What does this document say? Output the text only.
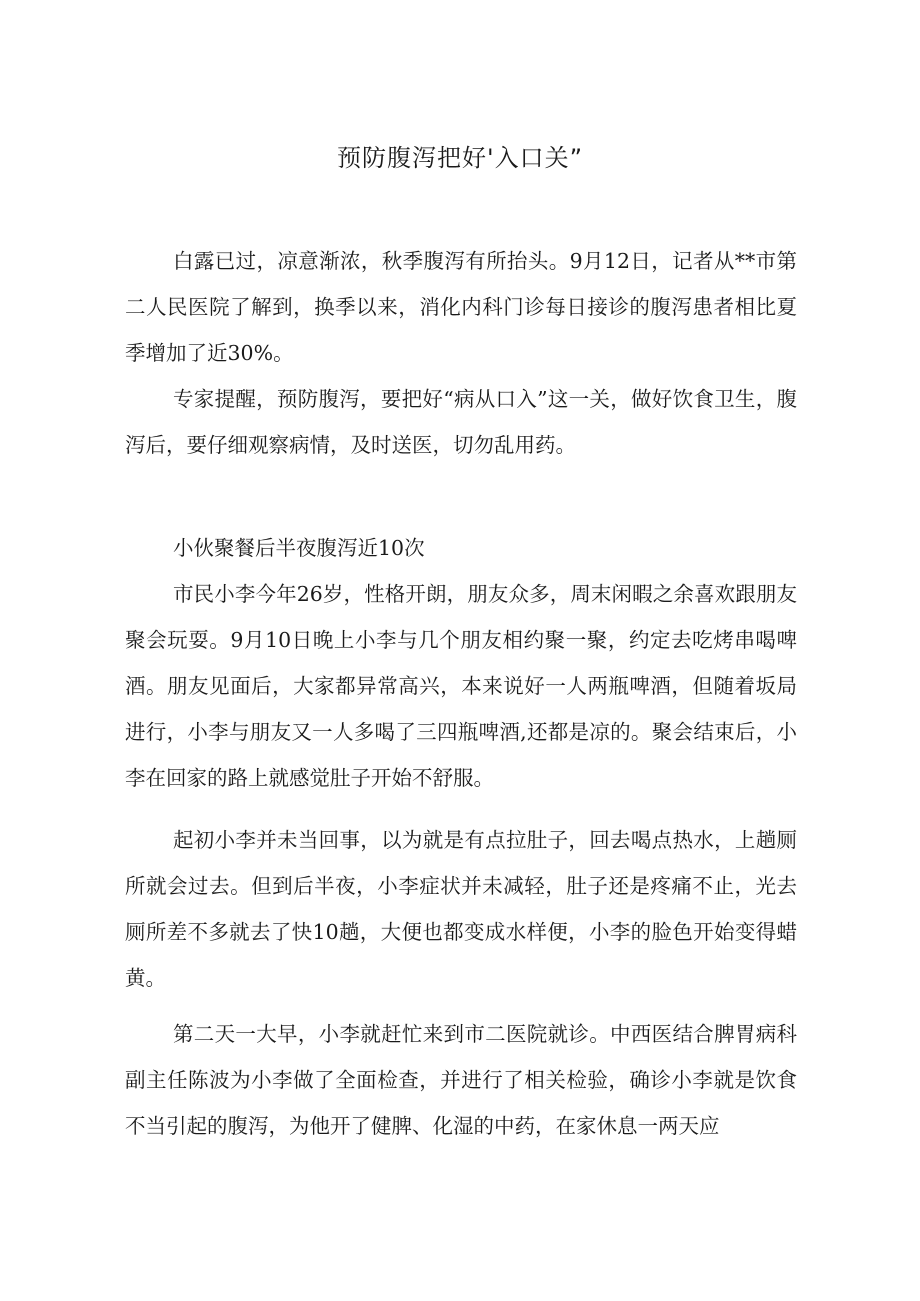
预防腹泻把好'入口关”

白露已过，凉意渐浓，秋季腹泻有所抬头。9月12日，记者从**市第二人民医院了解到，换季以来，消化内科门诊每日接诊的腹泻患者相比夏季增加了近30%。

专家提醒，预防腹泻，要把好“病从口入”这一关，做好饮食卫生，腹泻后，要仔细观察病情，及时送医，切勿乱用药。

小伙聚餐后半夜腹泻近10次

市民小李今年26岁，性格开朗，朋友众多，周末闲暇之余喜欢跟朋友聚会玩耍。9月10日晚上小李与几个朋友相约聚一聚，约定去吃烤串喝啤酒。朋友见面后，大家都异常高兴，本来说好一人两瓶啤酒，但随着坂局进行，小李与朋友又一人多喝了三四瓶啤酒,还都是凉的。聚会结束后，小李在回家的路上就感觉肚子开始不舒服。

起初小李并未当回事，以为就是有点拉肚子，回去喝点热水，上趟厕所就会过去。但到后半夜，小李症状并未减轻，肚子还是疼痛不止，光去厕所差不多就去了快10趟，大便也都变成水样便，小李的脸色开始变得蜡黄。

第二天一大早，小李就赶忙来到市二医院就诊。中西医结合脾胃病科副主任陈波为小李做了全面检查，并进行了相关检验，确诊小李就是饮食不当引起的腹泻，为他开了健脾、化湿的中药，在家休息一两天应
